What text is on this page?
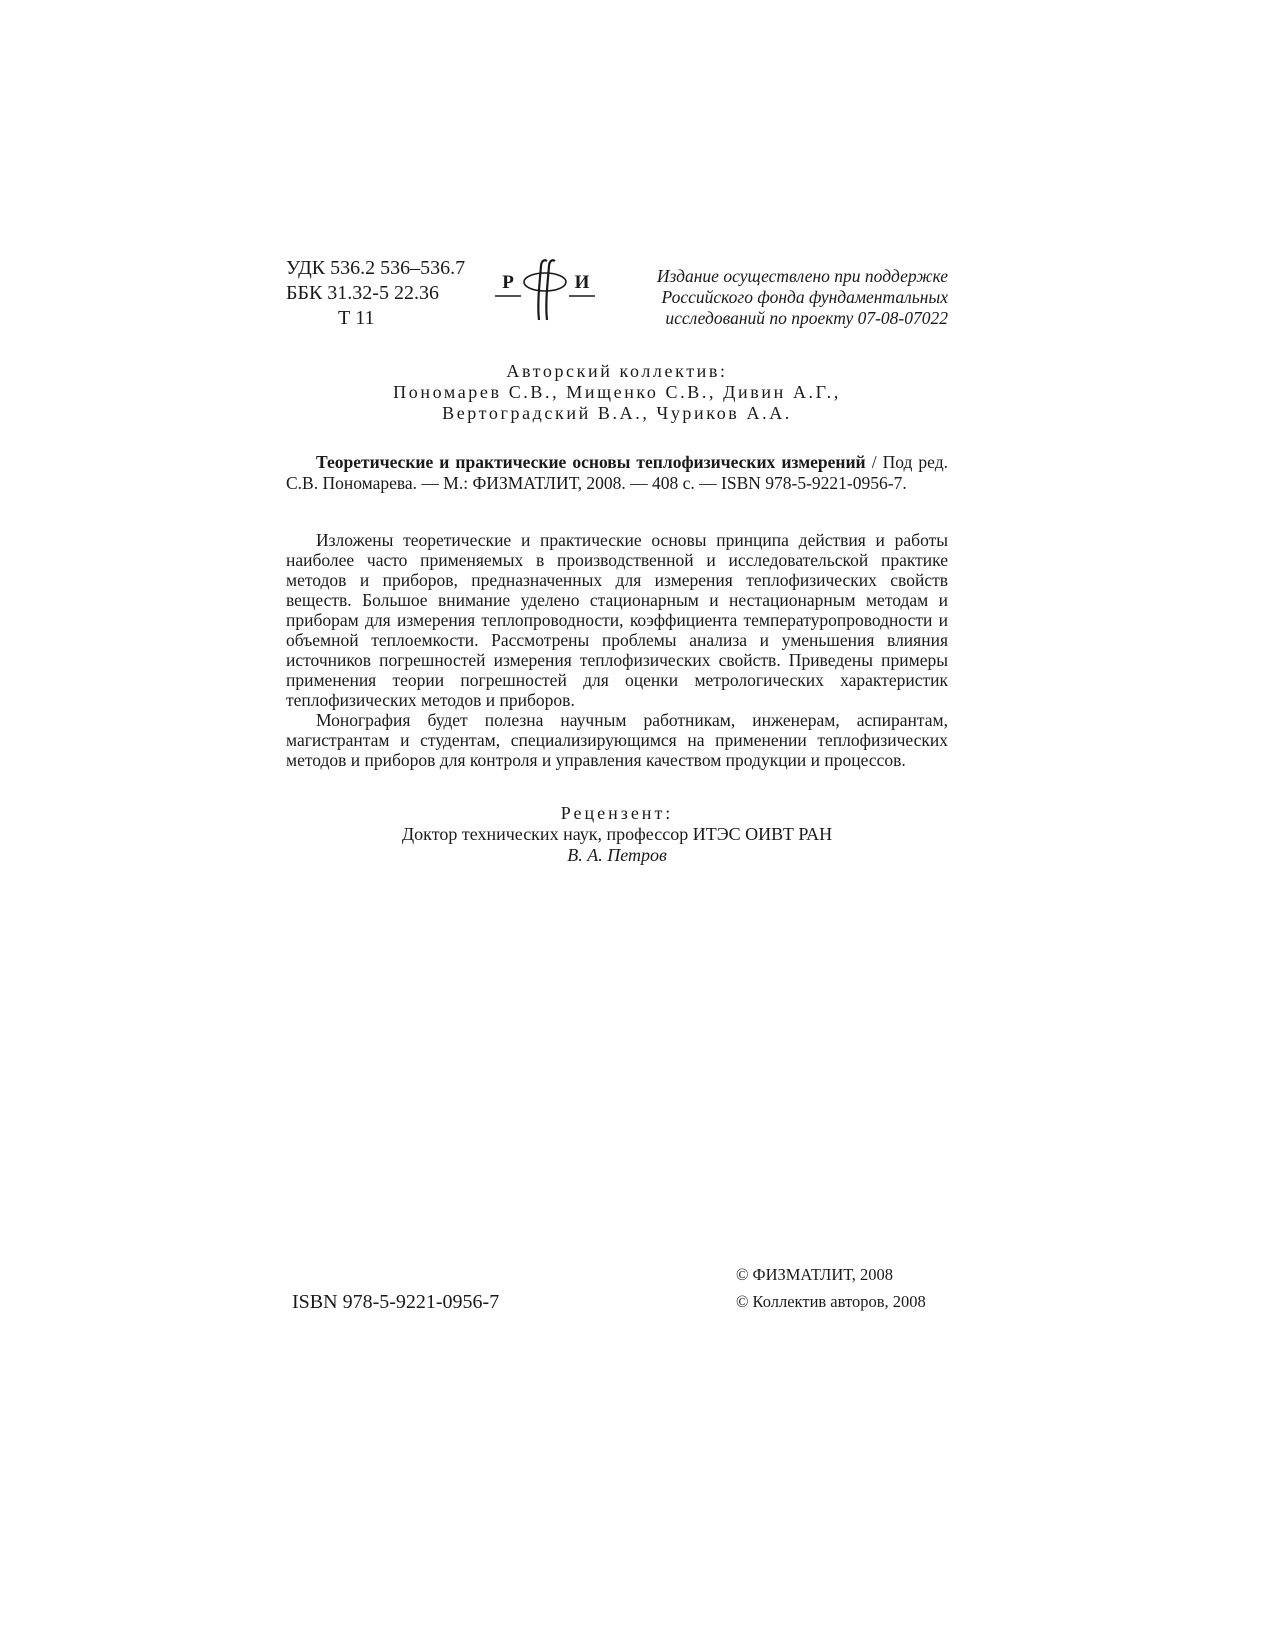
УДК 536.2 536–536.7
ББК 31.32-5 22.36
Т 11
Р	И	Издание осуществлено при поддержке
Российского фонда фундаментальных
исследований по проекту 07-08-07022
Авторский коллектив:
Пономарев С.В., Мищенко С.В., Дивин А.Г.,
Вертоградский В.А., Чуриков А.А.
Теоретические и практические основы теплофизических измерений / Под ред. С.В. Пономарева. — М.: ФИЗМАТЛИТ, 2008. — 408 с. — ISBN 978-5-9221-0956-7.

Изложены теоретические и практические основы принципа действия и работы наиболее часто применяемых в производственной и исследовательской практике методов и приборов, предназначенных для измерения теплофизических свойств веществ. Большое внимание уделено стационарным и нестационарным методам и приборам для измерения теплопроводности, коэффициента температуропроводности и объемной теплоемкости. Рассмотрены проблемы анализа и уменьшения влияния источников погрешностей измерения теплофизических свойств. Приведены примеры применения теории погрешностей для оценки метрологических характеристик теплофизических методов и приборов.

Монография будет полезна научным работникам, инженерам, аспирантам, магистрантам и студентам, специализирующимся на применении теплофизических методов и приборов для контроля и управления качеством продукции и процессов.

Рецензент:
Доктор технических наук, профессор ИТЭС ОИВТ РАН
В. А. Петров
ISBN 978-5-9221-0956-7
© ФИЗМАТЛИТ, 2008
© Коллектив авторов, 2008
